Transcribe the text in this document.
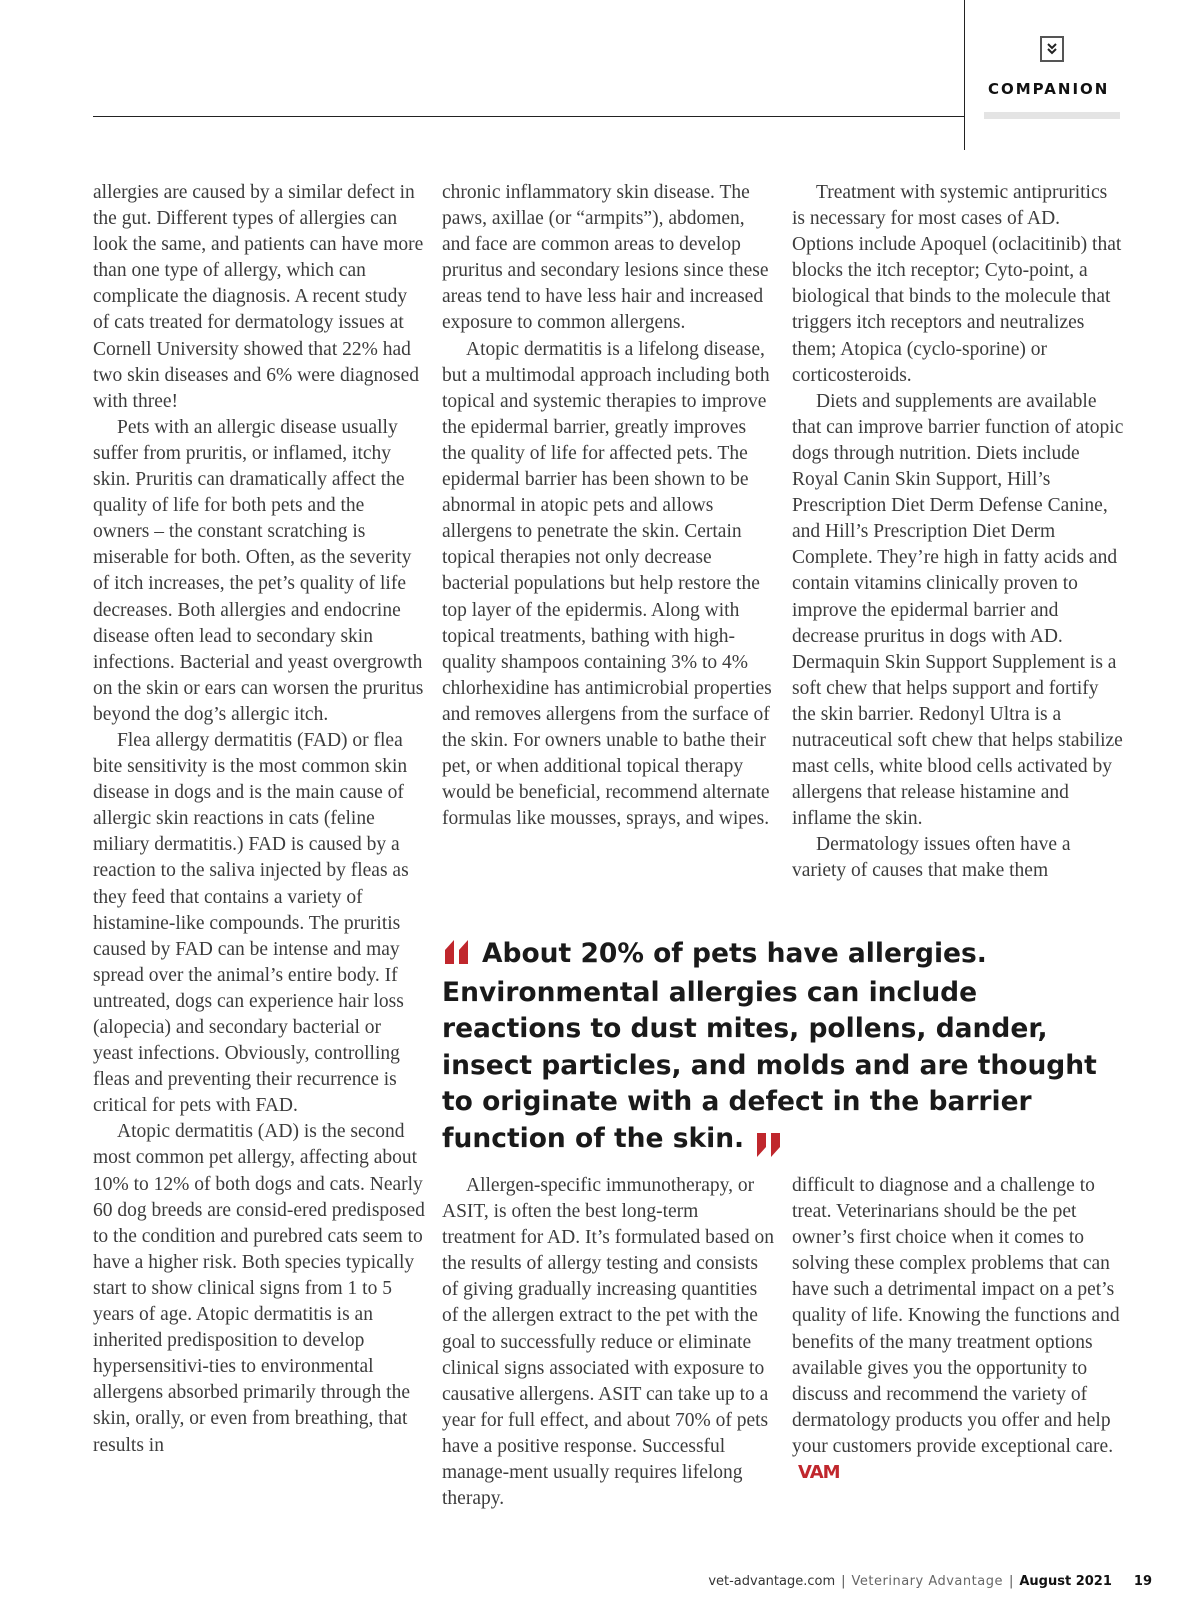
COMPANION

allergies are caused by a similar defect in the gut. Different types of allergies can look the same, and patients can have more than one type of allergy, which can complicate the diagnosis. A recent study of cats treated for dermatology issues at Cornell University showed that 22% had two skin diseases and 6% were diagnosed with three!

Pets with an allergic disease usually suffer from pruritis, or inflamed, itchy skin. Pruritis can dramatically affect the quality of life for both pets and the owners – the constant scratching is miserable for both. Often, as the severity of itch increases, the pet’s quality of life decreases. Both allergies and endocrine disease often lead to secondary skin infections. Bacterial and yeast overgrowth on the skin or ears can worsen the pruritus beyond the dog’s allergic itch.

Flea allergy dermatitis (FAD) or flea bite sensitivity is the most common skin disease in dogs and is the main cause of allergic skin reactions in cats (feline miliary dermatitis.) FAD is caused by a reaction to the saliva injected by fleas as they feed that contains a variety of histamine-like compounds. The pruritis caused by FAD can be intense and may spread over the animal’s entire body. If untreated, dogs can experience hair loss (alopecia) and secondary bacterial or yeast infections. Obviously, controlling fleas and preventing their recurrence is critical for pets with FAD.

Atopic dermatitis (AD) is the second most common pet allergy, affecting about 10% to 12% of both dogs and cats. Nearly 60 dog breeds are consid-ered predisposed to the condition and purebred cats seem to have a higher risk. Both species typically start to show clinical signs from 1 to 5 years of age. Atopic dermatitis is an inherited predisposition to develop hypersensitivi-ties to environmental allergens absorbed primarily through the skin, orally, or even from breathing, that results in

chronic inflammatory skin disease. The paws, axillae (or “armpits”), abdomen, and face are common areas to develop pruritus and secondary lesions since these areas tend to have less hair and increased exposure to common allergens.

Atopic dermatitis is a lifelong disease, but a multimodal approach including both topical and systemic therapies to improve the epidermal barrier, greatly improves the quality of life for affected pets. The epidermal barrier has been shown to be abnormal in atopic pets and allows allergens to penetrate the skin. Certain topical therapies not only decrease bacterial populations but help restore the top layer of the epidermis. Along with topical treatments, bathing with high-quality shampoos containing 3% to 4% chlorhexidine has antimicrobial properties and removes allergens from the surface of the skin. For owners unable to bathe their pet, or when additional topical therapy would be beneficial, recommend alternate formulas like mousses, sprays, and wipes.

Treatment with systemic antipruritics is necessary for most cases of AD. Options include Apoquel (oclacitinib) that blocks the itch receptor; Cyto-point, a biological that binds to the molecule that triggers itch receptors and neutralizes them; Atopica (cyclo-sporine) or corticosteroids.

Diets and supplements are available that can improve barrier function of atopic dogs through nutrition. Diets include Royal Canin Skin Support, Hill’s Prescription Diet Derm Defense Canine, and Hill’s Prescription Diet Derm Complete. They’re high in fatty acids and contain vitamins clinically proven to improve the epidermal barrier and decrease pruritus in dogs with AD. Dermaquin Skin Support Supplement is a soft chew that helps support and fortify the skin barrier. Redonyl Ultra is a nutraceutical soft chew that helps stabilize mast cells, white blood cells activated by allergens that release histamine and inflame the skin.

Dermatology issues often have a variety of causes that make them

About 20% of pets have allergies. Environmental allergies can include reactions to dust mites, pollens, dander, insect particles, and molds and are thought to originate with a defect in the barrier function of the skin.

Allergen-specific immunotherapy, or ASIT, is often the best long-term treatment for AD. It’s formulated based on the results of allergy testing and consists of giving gradually increasing quantities of the allergen extract to the pet with the goal to successfully reduce or eliminate clinical signs associated with exposure to causative allergens. ASIT can take up to a year for full effect, and about 70% of pets have a positive response. Successful manage-ment usually requires lifelong therapy.

difficult to diagnose and a challenge to treat. Veterinarians should be the pet owner’s first choice when it comes to solving these complex problems that can have such a detrimental impact on a pet’s quality of life. Knowing the functions and benefits of the many treatment options available gives you the opportunity to discuss and recommend the variety of dermatology products you offer and help your customers provide exceptional care.VAM

vet-advantage.com | Veterinary Advantage | August 2021 19
